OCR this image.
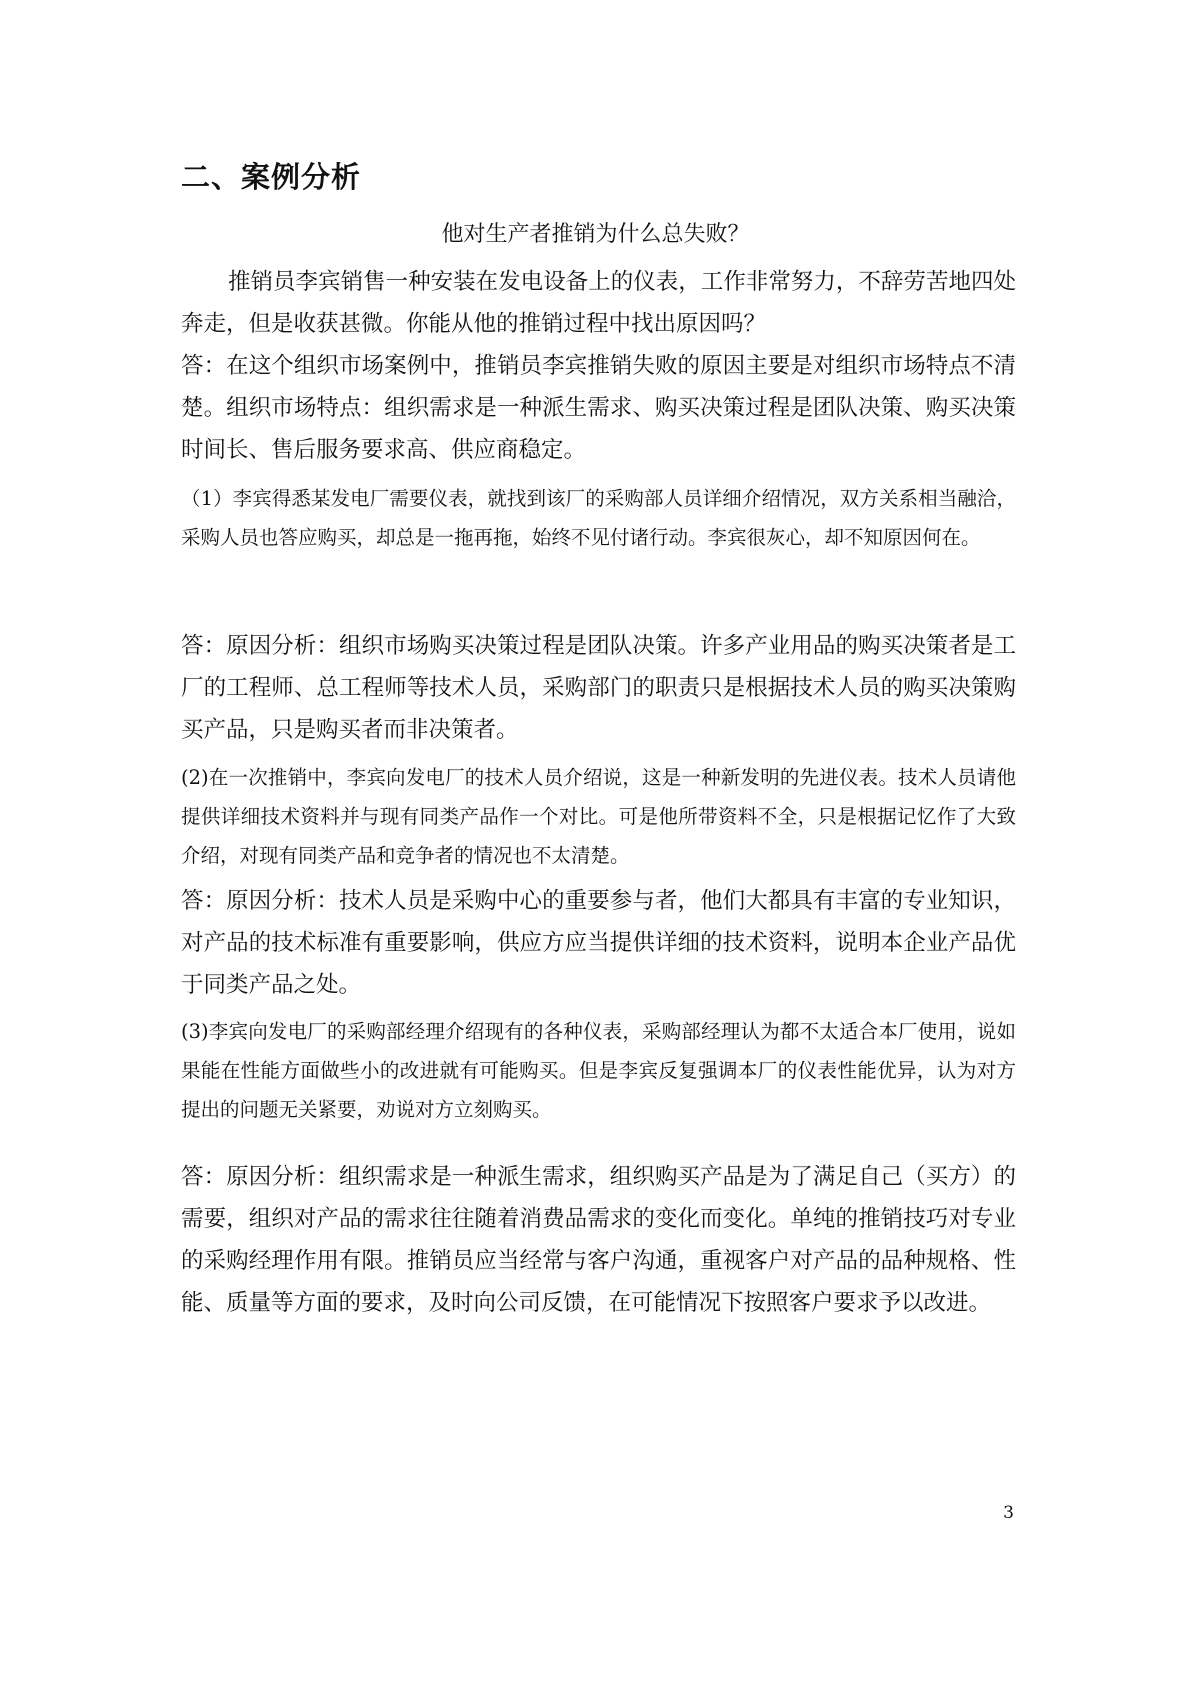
二、案例分析

他对生产者推销为什么总失败？

推销员李宾销售一种安装在发电设备上的仪表，工作非常努力，不辞劳苦地四处奔走，但是收获甚微。你能从他的推销过程中找出原因吗？

答：在这个组织市场案例中，推销员李宾推销失败的原因主要是对组织市场特点不清楚。组织市场特点：组织需求是一种派生需求、购买决策过程是团队决策、购买决策时间长、售后服务要求高、供应商稳定。

（1）李宾得悉某发电厂需要仪表，就找到该厂的采购部人员详细介绍情况，双方关系相当融洽，采购人员也答应购买，却总是一拖再拖，始终不见付诸行动。李宾很灰心，却不知原因何在。

答：原因分析：组织市场购买决策过程是团队决策。许多产业用品的购买决策者是工厂的工程师、总工程师等技术人员，采购部门的职责只是根据技术人员的购买决策购买产品，只是购买者而非决策者。

(2)在一次推销中，李宾向发电厂的技术人员介绍说，这是一种新发明的先进仪表。技术人员请他提供详细技术资料并与现有同类产品作一个对比。可是他所带资料不全，只是根据记忆作了大致介绍，对现有同类产品和竞争者的情况也不太清楚。

答：原因分析：技术人员是采购中心的重要参与者，他们大都具有丰富的专业知识，对产品的技术标准有重要影响，供应方应当提供详细的技术资料，说明本企业产品优于同类产品之处。

(3)李宾向发电厂的采购部经理介绍现有的各种仪表，采购部经理认为都不太适合本厂使用，说如果能在性能方面做些小的改进就有可能购买。但是李宾反复强调本厂的仪表性能优异，认为对方提出的问题无关紧要，劝说对方立刻购买。

答：原因分析：组织需求是一种派生需求，组织购买产品是为了满足自己（买方）的需要，组织对产品的需求往往随着消费品需求的变化而变化。单纯的推销技巧对专业的采购经理作用有限。推销员应当经常与客户沟通，重视客户对产品的品种规格、性能、质量等方面的要求，及时向公司反馈，在可能情况下按照客户要求予以改进。

3
